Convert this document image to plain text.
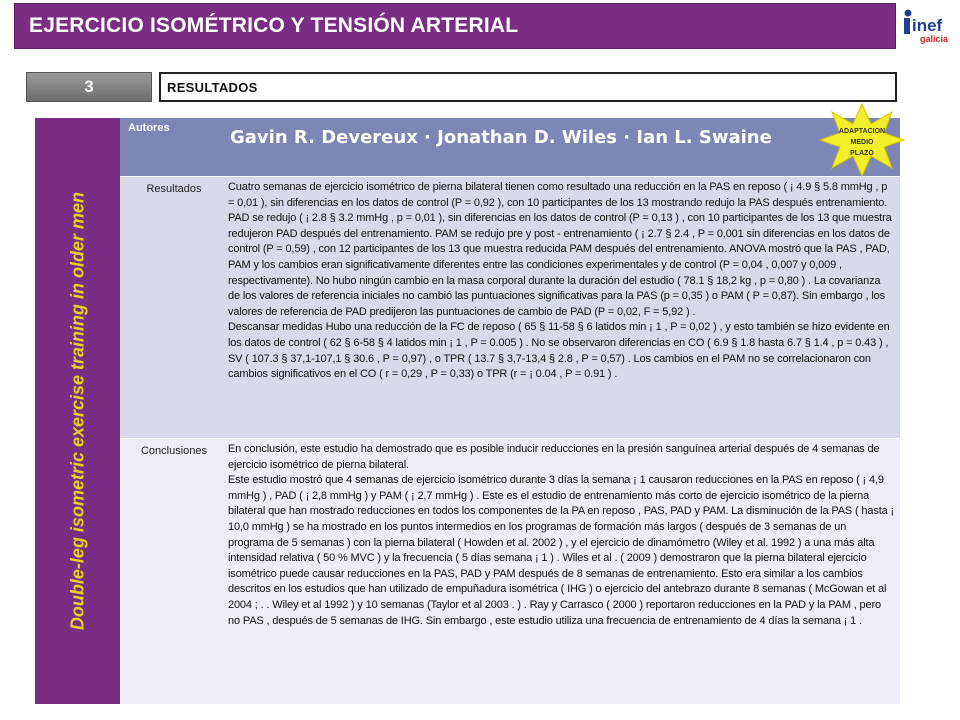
EJERCICIO ISOMÉTRICO Y TENSIÓN ARTERIAL	inef
galicia
3	RESULTADOS
Double-leg isometric exercise training in older men
Autores	Gavin R. Devereux · Jonathan D. Wiles · Ian L. Swaine
Resultados	Cuatro semanas de ejercicio isométrico de pierna bilateral tienen como resultado una reducción en la PAS en reposo ( ¡ 4.9 § 5.8 mmHg , p = 0,01 ), sin diferencias en los datos de control (P = 0,92 ), con 10 participantes de los 13 mostrando redujo la PAS después entrenamiento. PAD se redujo ( ¡ 2.8 § 3.2 mmHg , p = 0,01 ), sin diferencias en los datos de control (P = 0,13 ) , con 10 participantes de los 13 que muestra redujeron PAD después del entrenamiento. PAM se redujo pre y post - entrenamiento ( ¡ 2.7 § 2.4 , P = 0,001 sin diferencias en los datos de control (P = 0,59) , con 12 participantes de los 13 que muestra reducida PAM después del entrenamiento. ANOVA mostró que la PAS , PAD, PAM y los cambios eran significativamente diferentes entre las condiciones experimentales y de control (P = 0,04 , 0,007 y 0,009 , respectivamente). No hubo ningún cambio en la masa corporal durante la duración del estudio ( 78.1 § 18,2 kg , p = 0,80 ) . La covarianza de los valores de referencia iniciales no cambió las puntuaciones significativas para la PAS (p = 0,35 ) o PAM ( P = 0,87). Sin embargo , los valores de referencia de PAD predijeron las puntuaciones de cambio de PAD (P = 0,02, F = 5,92 ) .

Descansar medidas Hubo una reducción de la FC de reposo ( 65 § 11-58 § 6 latidos min ¡ 1 , P = 0,02 ) , y esto también se hizo evidente en los datos de control ( 62 § 6-58 § 4 latidos min ¡ 1 , P = 0.005 ) . No se observaron diferencias en CO ( 6.9 § 1.8 hasta 6.7 § 1.4 , p = 0.43 ) , SV ( 107.3 § 37,1-107,1 § 30.6 , P = 0,97) , o TPR ( 13.7 § 3,7-13,4 § 2.8 , P = 0,57) . Los cambios en el PAM no se correlacionaron con cambios significativos en el CO ( r = 0,29 , P = 0,33) o TPR (r = ¡ 0.04 , P = 0.91 ) .

Conclusiones	En conclusión, este estudio ha demostrado que es posible inducir reducciones en la presión sanguínea arterial después de 4 semanas de ejercicio isométrico de pierna bilateral.

Este estudio mostró que 4 semanas de ejercicio isométrico durante 3 días la semana ¡ 1 causaron reducciones en la PAS en reposo ( ¡ 4,9 mmHg ) , PAD ( ¡ 2,8 mmHg ) y PAM ( ¡ 2,7 mmHg ) . Este es el estudio de entrenamiento más corto de ejercicio isométrico de la pierna bilateral que han mostrado reducciones en todos los componentes de la PA en reposo , PAS, PAD y PAM. La disminución de la PAS ( hasta ¡ 10,0 mmHg ) se ha mostrado en los puntos intermedios en los programas de formación más largos ( después de 3 semanas de un programa de 5 semanas ) con la pierna bilateral ( Howden et al. 2002 ) , y el ejercicio de dinamómetro (Wiley et al. 1992 ) a una más alta intensidad relativa ( 50 % MVC ) y la frecuencia ( 5 días semana ¡ 1 ) . Wiles et al . ( 2009 ) demostraron que la pierna bilateral ejercicio isométrico puede causar reducciones en la PAS, PAD y PAM después de 8 semanas de entrenamiento. Esto era similar a los cambios descritos en los estudios que han utilizado de empuñadura isométrica ( IHG ) o ejercicio del antebrazo durante 8 semanas ( McGowan et al 2004 ; . . Wiley et al 1992 ) y 10 semanas (Taylor et al 2003 . ) . Ray y Carrasco ( 2000 ) reportaron reducciones en la PAD y la PAM , pero no PAS , después de 5 semanas de IHG. Sin embargo , este estudio utiliza una frecuencia de entrenamiento de 4 días la semana ¡ 1 .

ADAPTACION
MEDIO
PLAZO
